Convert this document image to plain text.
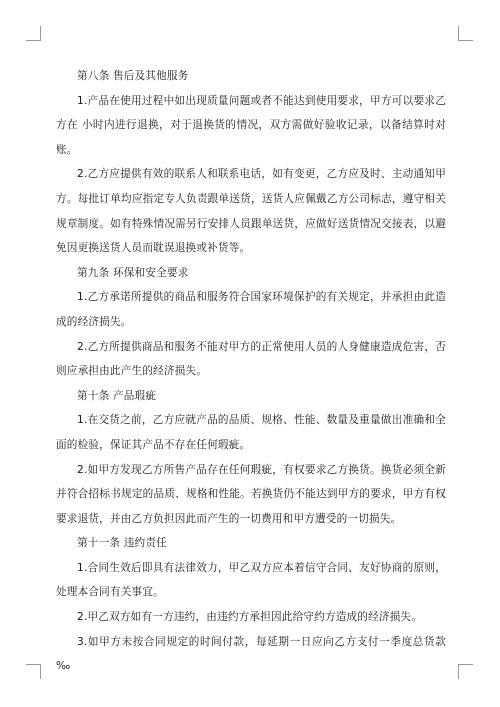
第八条 售后及其他服务

1.产品在使用过程中如出现质量问题或者不能达到使用要求，甲方可以要求乙方在 小时内进行退换，对于退换货的情况，双方需做好验收记录，以备结算时对账。

2.乙方应提供有效的联系人和联系电话，如有变更，乙方应及时、主动通知甲方。每批订单均应指定专人负责跟单送货，送货人应佩戴乙方公司标志，遵守相关规章制度。如有特殊情况需另行安排人员跟单送货，应做好送货情况交接表，以避免因更换送货人员而耽误退换或补货等。

第九条 环保和安全要求

1.乙方承诺所提供的商品和服务符合国家环境保护的有关规定，并承担由此造成的经济损失。

2.乙方所提供商品和服务不能对甲方的正常使用人员的人身健康造成危害，否则应承担由此产生的经济损失。

第十条 产品瑕疵

1.在交货之前，乙方应就产品的品质、规格、性能、数量及重量做出准确和全面的检验，保证其产品不存在任何瑕疵。

2.如甲方发现乙方所售产品存在任何瑕疵，有权要求乙方换货。换货必须全新并符合招标书规定的品质、规格和性能。若换货仍不能达到甲方的要求，甲方有权要求退货，并由乙方负担因此而产生的一切费用和甲方遭受的一切损失。

第十一条 违约责任

1.合同生效后即具有法律效力，甲乙双方应本着信守合同、友好协商的原则，处理本合同有关事宜。

2.甲乙双方如有一方违约，由违约方承担因此给守约方造成的经济损失。

3.如甲方未按合同规定的时间付款，每延期一日应向乙方支付一季度总货款 ‰
